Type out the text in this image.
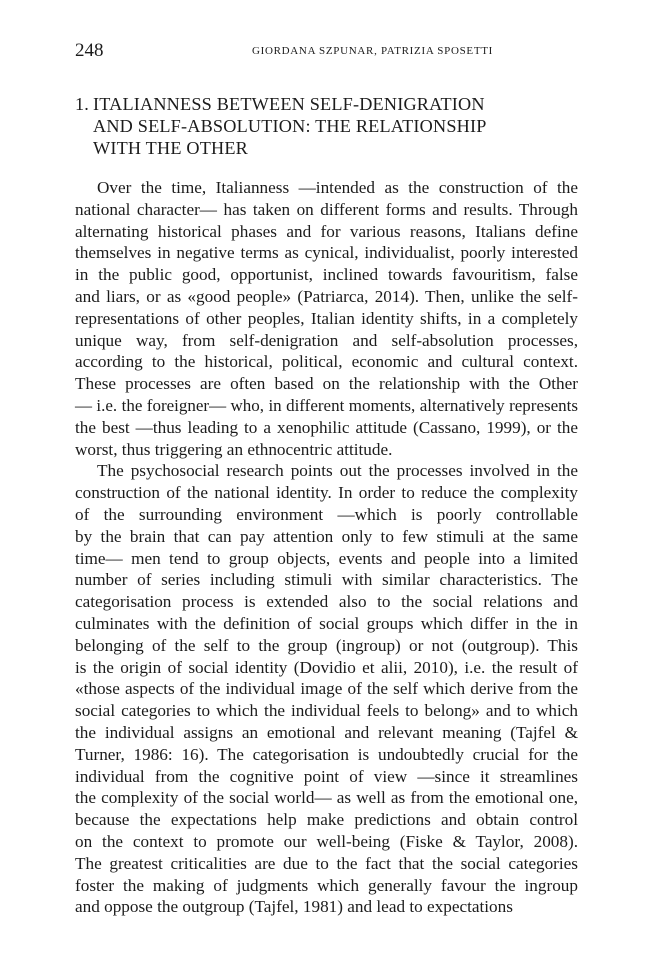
248	GIORDANA SZPUNAR, PATRIZIA SPOSETTI
1. ITALIANNESS BETWEEN SELF-DENIGRATION
AND SELF-ABSOLUTION: THE RELATIONSHIP
WITH THE OTHER
Over the time, Italianness —intended as the construction of the
national character— has taken on different forms and results. Through
alternating historical phases and for various reasons, Italians define
themselves in negative terms as cynical, individualist, poorly interested
in the public good, opportunist, inclined towards favouritism, false
and liars, or as «good people» (Patriarca, 2014). Then, unlike the self-
representations of other peoples, Italian identity shifts, in a completely
unique way, from self-denigration and self-absolution processes,
according to the historical, political, economic and cultural context.
These processes are often based on the relationship with the Other
— i.e. the foreigner— who, in different moments, alternatively represents
the best —thus leading to a xenophilic attitude (Cassano, 1999), or the
worst, thus triggering an ethnocentric attitude.
The psychosocial research points out the processes involved in the
construction of the national identity. In order to reduce the complexity
of the surrounding environment —which is poorly controllable
by the brain that can pay attention only to few stimuli at the same
time— men tend to group objects, events and people into a limited
number of series including stimuli with similar characteristics. The
categorisation process is extended also to the social relations and
culminates with the definition of social groups which differ in the in
belonging of the self to the group (ingroup) or not (outgroup). This
is the origin of social identity (Dovidio et alii, 2010), i.e. the result of
«those aspects of the individual image of the self which derive from the
social categories to which the individual feels to belong» and to which
the individual assigns an emotional and relevant meaning (Tajfel &
Turner, 1986: 16). The categorisation is undoubtedly crucial for the
individual from the cognitive point of view —since it streamlines
the complexity of the social world— as well as from the emotional one,
because the expectations help make predictions and obtain control
on the context to promote our well-being (Fiske & Taylor, 2008).
The greatest criticalities are due to the fact that the social categories
foster the making of judgments which generally favour the ingroup
and oppose the outgroup (Tajfel, 1981) and lead to expectations
